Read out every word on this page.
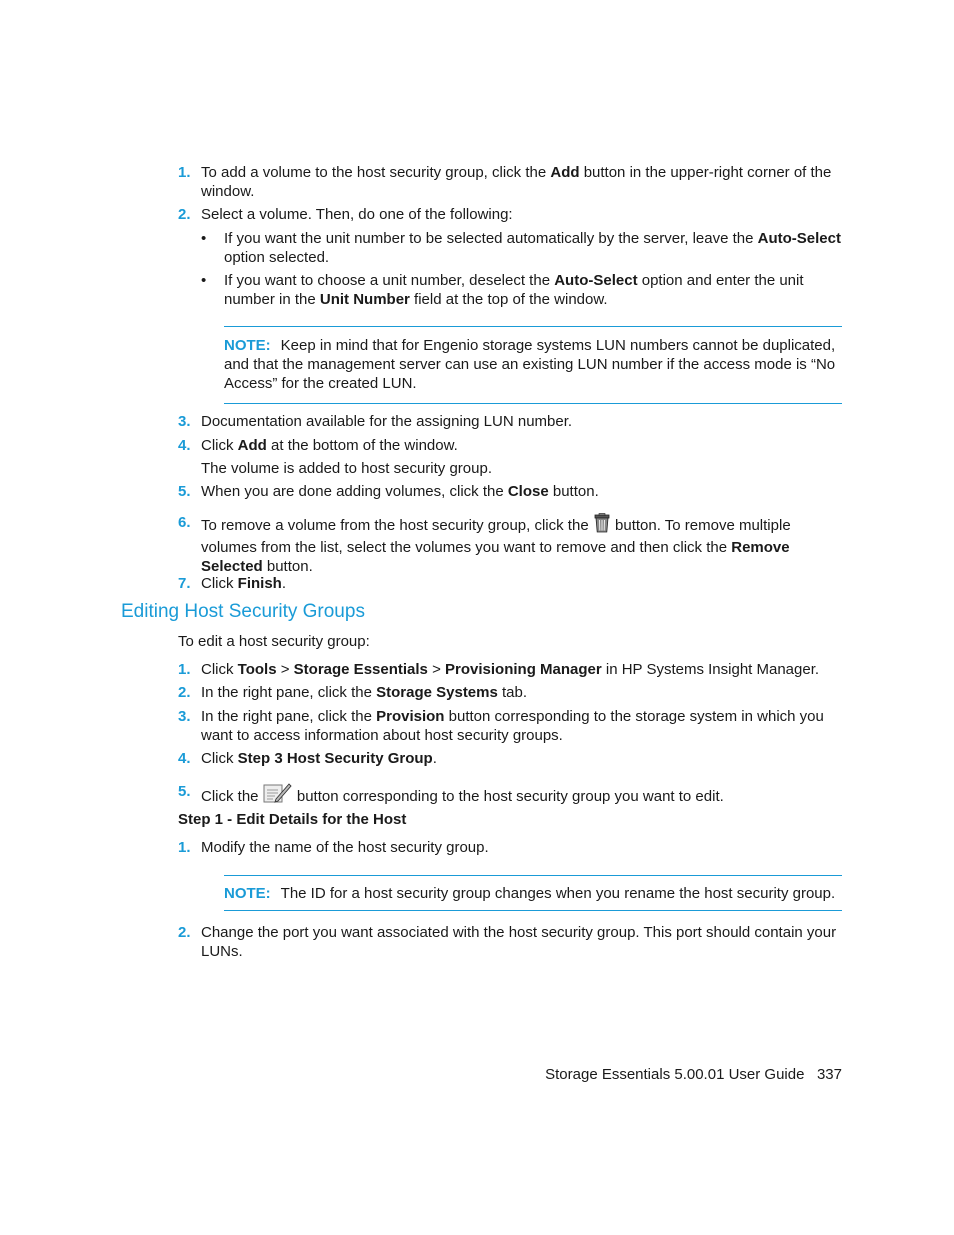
1. To add a volume to the host security group, click the Add button in the upper-right corner of the window.
2. Select a volume. Then, do one of the following:
• If you want the unit number to be selected automatically by the server, leave the Auto-Select option selected.
• If you want to choose a unit number, deselect the Auto-Select option and enter the unit number in the Unit Number field at the top of the window.
NOTE: Keep in mind that for Engenio storage systems LUN numbers cannot be duplicated, and that the management server can use an existing LUN number if the access mode is “No Access” for the created LUN.
3. Documentation available for the assigning LUN number.
4. Click Add at the bottom of the window.
The volume is added to host security group.
5. When you are done adding volumes, click the Close button.
6. To remove a volume from the host security group, click the  button. To remove multiple volumes from the list, select the volumes you want to remove and then click the Remove Selected button.
7. Click Finish.
Editing Host Security Groups
To edit a host security group:
1. Click Tools > Storage Essentials > Provisioning Manager in HP Systems Insight Manager.
2. In the right pane, click the Storage Systems tab.
3. In the right pane, click the Provision button corresponding to the storage system in which you want to access information about host security groups.
4. Click Step 3 Host Security Group.
5. Click the  button corresponding to the host security group you want to edit.
Step 1 - Edit Details for the Host
1. Modify the name of the host security group.
NOTE: The ID for a host security group changes when you rename the host security group.
2. Change the port you want associated with the host security group. This port should contain your LUNs.
Storage Essentials 5.00.01 User Guide 337
